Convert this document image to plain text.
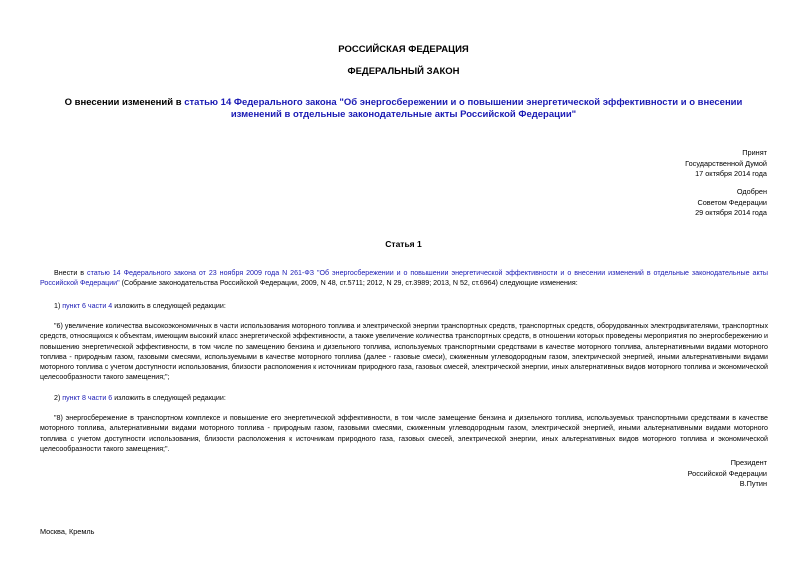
РОССИЙСКАЯ ФЕДЕРАЦИЯ
ФЕДЕРАЛЬНЫЙ ЗАКОН
О внесении изменений в статью 14 Федерального закона "Об энергосбережении и о повышении энергетической эффективности и о внесении изменений в отдельные законодательные акты Российской Федерации"
Принят
Государственной Думой
17 октября 2014 года
Одобрен
Советом Федерации
29 октября 2014 года
Статья 1
Внести в статью 14 Федерального закона от 23 ноября 2009 года N 261-ФЗ "Об энергосбережении и о повышении энергетической эффективности и о внесении изменений в отдельные законодательные акты Российской Федерации" (Собрание законодательства Российской Федерации, 2009, N 48, ст.5711; 2012, N 29, ст.3989; 2013, N 52, ст.6964) следующие изменения:
1) пункт 6 части 4 изложить в следующей редакции:
"6) увеличение количества высокоэкономичных в части использования моторного топлива и электрической энергии транспортных средств, транспортных средств, оборудованных электродвигателями, транспортных средств, относящихся к объектам, имеющим высокий класс энергетической эффективности, а также увеличение количества транспортных средств, в отношении которых проведены мероприятия по энергосбережению и повышению энергетической эффективности, в том числе по замещению бензина и дизельного топлива, используемых транспортными средствами в качестве моторного топлива, альтернативными видами моторного топлива - природным газом, газовыми смесями, используемыми в качестве моторного топлива (далее - газовые смеси), сжиженным углеводородным газом, электрической энергией, иными альтернативными видами моторного топлива с учетом доступности использования, близости расположения к источникам природного газа, газовых смесей, электрической энергии, иных альтернативных видов моторного топлива и экономической целесообразности такого замещения;";
2) пункт 8 части 6 изложить в следующей редакции:
"8) энергосбережение в транспортном комплексе и повышение его энергетической эффективности, в том числе замещение бензина и дизельного топлива, используемых транспортными средствами в качестве моторного топлива, альтернативными видами моторного топлива - природным газом, газовыми смесями, сжиженным углеводородным газом, электрической энергией, иными альтернативными видами моторного топлива с учетом доступности использования, близости расположения к источникам природного газа, газовых смесей, электрической энергии, иных альтернативных видов моторного топлива и экономической целесообразности такого замещения;".
Президент
Российской Федерации
В.Путин
Москва, Кремль
